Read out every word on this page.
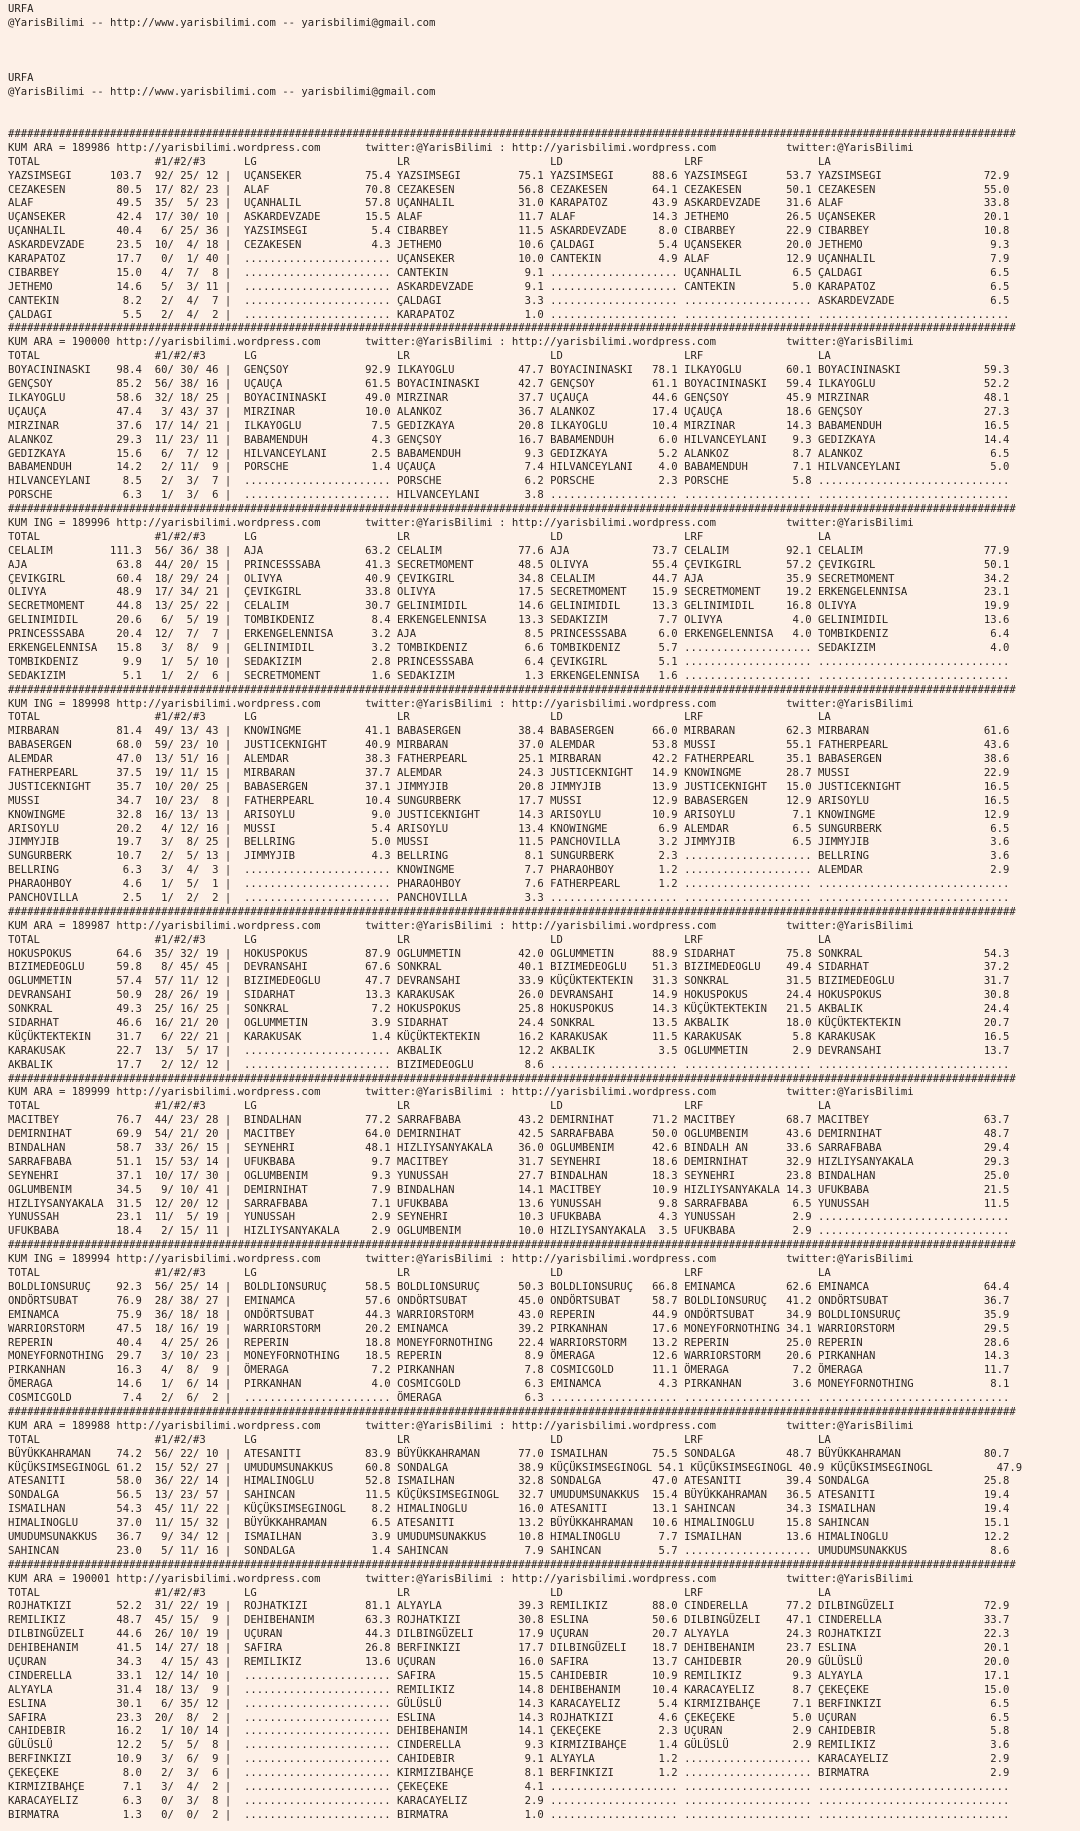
URFA
@YarisBilimi -- http://www.yarisbilimi.com -- yarisbilimi@gmail.com
URFA
@YarisBilimi -- http://www.yarisbilimi.com -- yarisbilimi@gmail.com
##############################################################################################################################################################
KUM ARA = 189986 http://yarisbilimi.wordpress.com       twitter:@YarisBilimi : http://yarisbilimi.wordpress.com           twitter:@YarisBilimi
TOTAL                  #1/#2/#3      LG                      LR                      LD                   LRF                  LA
YAZSIMSEGI      103.7  92/ 25/ 12 |  UÇANSEKER          75.4 YAZSIMSEGI         75.1 YAZSIMSEGI      88.6 YAZSIMSEGI      53.7 YAZSIMSEGI                72.9
CEZAKESEN        80.5  17/ 82/ 23 |  ALAF               70.8 CEZAKESEN          56.8 CEZAKESEN       64.1 CEZAKESEN       50.1 CEZAKESEN                 55.0
ALAF             49.5  35/  5/ 23 |  UÇANHALIL          57.8 UÇANHALIL          31.0 KARAPATOZ       43.9 ASKARDEVZADE    31.6 ALAF                      33.8
UÇANSEKER        42.4  17/ 30/ 10 |  ASKARDEVZADE       15.5 ALAF               11.7 ALAF            14.3 JETHEMO         26.5 UÇANSEKER                 20.1
UÇANHALIL        40.4   6/ 25/ 36 |  YAZSIMSEGI          5.4 CIBARBEY           11.5 ASKARDEVZADE     8.0 CIBARBEY        22.9 CIBARBEY                  10.8
ASKARDEVZADE     23.5  10/  4/ 18 |  CEZAKESEN           4.3 JETHEMO            10.6 ÇALDAGI          5.4 UÇANSEKER       20.0 JETHEMO                    9.3
KARAPATOZ        17.7   0/  1/ 40 |  ....................... UÇANSEKER          10.0 CANTEKIN         4.9 ALAF            12.9 UÇANHALIL                  7.9
CIBARBEY         15.0   4/  7/  8 |  ....................... CANTEKIN            9.1 .................... UÇANHALIL        6.5 ÇALDAGI                    6.5
JETHEMO          14.6   5/  3/ 11 |  ....................... ASKARDEVZADE        9.1 .................... CANTEKIN         5.0 KARAPATOZ                  6.5
CANTEKIN          8.2   2/  4/  7 |  ....................... ÇALDAGI             3.3 .................... .................... ASKARDEVZADE               6.5
ÇALDAGI           5.5   2/  4/  2 |  ....................... KARAPATOZ           1.0 .................... .................... ..............................
##############################################################################################################################################################
KUM ARA = 190000 http://yarisbilimi.wordpress.com       twitter:@YarisBilimi : http://yarisbilimi.wordpress.com           twitter:@YarisBilimi
TOTAL                  #1/#2/#3      LG                      LR                      LD                   LRF                  LA
BOYACININASKI    98.4  60/ 30/ 46 |  GENÇSOY            92.9 ILKAYOGLU          47.7 BOYACININASKI   78.1 ILKAYOGLU       60.1 BOYACININASKI             59.3
GENÇSOY          85.2  56/ 38/ 16 |  UÇAUÇA             61.5 BOYACININASKI      42.7 GENÇSOY         61.1 BOYACININASKI   59.4 ILKAYOGLU                 52.2
ILKAYOGLU        58.6  32/ 18/ 25 |  BOYACININASKI      49.0 MIRZINAR           37.7 UÇAUÇA          44.6 GENÇSOY         45.9 MIRZINAR                  48.1
UÇAUÇA           47.4   3/ 43/ 37 |  MIRZINAR           10.0 ALANKOZ            36.7 ALANKOZ         17.4 UÇAUÇA          18.6 GENÇSOY                   27.3
MIRZINAR         37.6  17/ 14/ 21 |  ILKAYOGLU           7.5 GEDIZKAYA          20.8 ILKAYOGLU       10.4 MIRZINAR        14.3 BABAMENDUH                16.5
ALANKOZ          29.3  11/ 23/ 11 |  BABAMENDUH          4.3 GENÇSOY            16.7 BABAMENDUH       6.0 HILVANCEYLANI    9.3 GEDIZKAYA                 14.4
GEDIZKAYA        15.6   6/  7/ 12 |  HILVANCEYLANI       2.5 BABAMENDUH          9.3 GEDIZKAYA        5.2 ALANKOZ          8.7 ALANKOZ                    6.5
BABAMENDUH       14.2   2/ 11/  9 |  PORSCHE             1.4 UÇAUÇA              7.4 HILVANCEYLANI    4.0 BABAMENDUH       7.1 HILVANCEYLANI              5.0
HILVANCEYLANI     8.5   2/  3/  7 |  ....................... PORSCHE             6.2 PORSCHE          2.3 PORSCHE          5.8 ..............................
PORSCHE           6.3   1/  3/  6 |  ....................... HILVANCEYLANI       3.8 .................... .................... ..............................
##############################################################################################################################################################
KUM ING = 189996 http://yarisbilimi.wordpress.com       twitter:@YarisBilimi : http://yarisbilimi.wordpress.com           twitter:@YarisBilimi
TOTAL                  #1/#2/#3      LG                      LR                      LD                   LRF                  LA
CELALIM         111.3  56/ 36/ 38 |  AJA                63.2 CELALIM            77.6 AJA             73.7 CELALIM         92.1 CELALIM                   77.9
AJA              63.8  44/ 20/ 15 |  PRINCESSSABA       41.3 SECRETMOMENT       48.5 OLIVYA          55.4 ÇEVIKGIRL       57.2 ÇEVIKGIRL                 50.1
ÇEVIKGIRL        60.4  18/ 29/ 24 |  OLIVYA             40.9 ÇEVIKGIRL          34.8 CELALIM         44.7 AJA             35.9 SECRETMOMENT              34.2
OLIVYA           48.9  17/ 34/ 21 |  ÇEVIKGIRL          33.8 OLIVYA             17.5 SECRETMOMENT    15.9 SECRETMOMENT    19.2 ERKENGELENNISA            23.1
SECRETMOMENT     44.8  13/ 25/ 22 |  CELALIM            30.7 GELINIMIDIL        14.6 GELINIMIDIL     13.3 GELINIMIDIL     16.8 OLIVYA                    19.9
GELINIMIDIL      20.6   6/  5/ 19 |  TOMBIKDENIZ         8.4 ERKENGELENNISA     13.3 SEDAKIZIM        7.7 OLIVYA           4.0 GELINIMIDIL               13.6
PRINCESSSABA     20.4  12/  7/  7 |  ERKENGELENNISA      3.2 AJA                 8.5 PRINCESSSABA     6.0 ERKENGELENNISA   4.0 TOMBIKDENIZ                6.4
ERKENGELENNISA   15.8   3/  8/  9 |  GELINIMIDIL         3.2 TOMBIKDENIZ         6.6 TOMBIKDENIZ      5.7 .................... SEDAKIZIM                  4.0
TOMBIKDENIZ       9.9   1/  5/ 10 |  SEDAKIZIM           2.8 PRINCESSSABA        6.4 ÇEVIKGIRL        5.1 .................... ..............................
SEDAKIZIM         5.1   1/  2/  6 |  SECRETMOMENT        1.6 SEDAKIZIM           1.3 ERKENGELENNISA   1.6 .................... ..............................
##############################################################################################################################################################
KUM ING = 189998 http://yarisbilimi.wordpress.com       twitter:@YarisBilimi : http://yarisbilimi.wordpress.com           twitter:@YarisBilimi
TOTAL                  #1/#2/#3      LG                      LR                      LD                   LRF                  LA
MIRBARAN         81.4  49/ 13/ 43 |  KNOWINGME          41.1 BABASERGEN         38.4 BABASERGEN      66.0 MIRBARAN        62.3 MIRBARAN                  61.6
BABASERGEN       68.0  59/ 23/ 10 |  JUSTICEKNIGHT      40.9 MIRBARAN           37.0 ALEMDAR         53.8 MUSSI           55.1 FATHERPEARL               43.6
ALEMDAR          47.0  13/ 51/ 16 |  ALEMDAR            38.3 FATHERPEARL        25.1 MIRBARAN        42.2 FATHERPEARL     35.1 BABASERGEN                38.6
FATHERPEARL      37.5  19/ 11/ 15 |  MIRBARAN           37.7 ALEMDAR            24.3 JUSTICEKNIGHT   14.9 KNOWINGME       28.7 MUSSI                     22.9
JUSTICEKNIGHT    35.7  10/ 20/ 25 |  BABASERGEN         37.1 JIMMYJIB           20.8 JIMMYJIB        13.9 JUSTICEKNIGHT   15.0 JUSTICEKNIGHT             16.5
MUSSI            34.7  10/ 23/  8 |  FATHERPEARL        10.4 SUNGURBERK         17.7 MUSSI           12.9 BABASERGEN      12.9 ARISOYLU                  16.5
KNOWINGME        32.8  16/ 13/ 13 |  ARISOYLU            9.0 JUSTICEKNIGHT      14.3 ARISOYLU        10.9 ARISOYLU         7.1 KNOWINGME                 12.9
ARISOYLU         20.2   4/ 12/ 16 |  MUSSI               5.4 ARISOYLU           13.4 KNOWINGME        6.9 ALEMDAR          6.5 SUNGURBERK                 6.5
JIMMYJIB         19.7   3/  8/ 25 |  BELLRING            5.0 MUSSI              11.5 PANCHOVILLA      3.2 JIMMYJIB         6.5 JIMMYJIB                   3.6
SUNGURBERK       10.7   2/  5/ 13 |  JIMMYJIB            4.3 BELLRING            8.1 SUNGURBERK       2.3 .................... BELLRING                   3.6
BELLRING          6.3   3/  4/  3 |  ....................... KNOWINGME           7.7 PHARAOHBOY       1.2 .................... ALEMDAR                    2.9
PHARAOHBOY        4.6   1/  5/  1 |  ....................... PHARAOHBOY          7.6 FATHERPEARL      1.2 .................... ..............................
PANCHOVILLA       2.5   1/  2/  2 |  ....................... PANCHOVILLA         3.3 .................... .................... ..............................
##############################################################################################################################################################
KUM ARA = 189987 http://yarisbilimi.wordpress.com       twitter:@YarisBilimi : http://yarisbilimi.wordpress.com           twitter:@YarisBilimi
TOTAL                  #1/#2/#3      LG                      LR                      LD                   LRF                  LA
HOKUSPOKUS       64.6  35/ 32/ 19 |  HOKUSPOKUS         87.9 OGLUMMETIN         42.0 OGLUMMETIN      88.9 SIDARHAT        75.8 SONKRAL                   54.3
BIZIMEDEOGLU     59.8   8/ 45/ 45 |  DEVRANSAHI         67.6 SONKRAL            40.1 BIZIMEDEOGLU    51.3 BIZIMEDEOGLU    49.4 SIDARHAT                  37.2
OGLUMMETIN       57.4  57/ 11/ 12 |  BIZIMEDEOGLU       47.7 DEVRANSAHI         33.9 KÜÇÜKTEKTEKIN   31.3 SONKRAL         31.5 BIZIMEDEOGLU              31.7
DEVRANSAHI       50.9  28/ 26/ 19 |  SIDARHAT           13.3 KARAKUSAK          26.0 DEVRANSAHI      14.9 HOKUSPOKUS      24.4 HOKUSPOKUS                30.8
SONKRAL          49.3  25/ 16/ 25 |  SONKRAL             7.2 HOKUSPOKUS         25.8 HOKUSPOKUS      14.3 KÜÇÜKTEKTEKIN   21.5 AKBALIK                   24.4
SIDARHAT         46.6  16/ 21/ 20 |  OGLUMMETIN          3.9 SIDARHAT           24.4 SONKRAL         13.5 AKBALIK         18.0 KÜÇÜKTEKTEKIN             20.7
KÜÇÜKTEKTEKIN    31.7   6/ 22/ 21 |  KARAKUSAK           1.4 KÜÇÜKTEKTEKIN      16.2 KARAKUSAK       11.5 KARAKUSAK        5.8 KARAKUSAK                 16.5
KARAKUSAK        22.7  13/  5/ 17 |  ....................... AKBALIK            12.2 AKBALIK          3.5 OGLUMMETIN       2.9 DEVRANSAHI                13.7
AKBALIK          17.7   2/ 12/ 12 |  ....................... BIZIMEDEOGLU        8.6 .................... .................... ..............................
##############################################################################################################################################################
KUM ARA = 189999 http://yarisbilimi.wordpress.com       twitter:@YarisBilimi : http://yarisbilimi.wordpress.com           twitter:@YarisBilimi
TOTAL                  #1/#2/#3      LG                      LR                      LD                   LRF                  LA
MACITBEY         76.7  44/ 23/ 28 |  BINDALHAN          77.2 SARRAFBABA         43.2 DEMIRNIHAT      71.2 MACITBEY        68.7 MACITBEY                  63.7
DEMIRNIHAT       69.9  54/ 21/ 20 |  MACITBEY           64.0 DEMIRNIHAT         42.5 SARRAFBABA      50.0 OGLUMBENIM      43.6 DEMIRNIHAT                48.7
BINDALHAN        58.7  33/ 26/ 15 |  SEYNEHRI           48.1 HIZLIYSANYAKALA    36.0 OGLUMBENIM      42.6 BINDALH AN      33.6 SARRAFBABA                29.4
SARRAFBABA       51.1  15/ 53/ 14 |  UFUKBABA            9.7 MACITBEY           31.7 SEYNEHRI        18.6 DEMIRNIHAT      32.9 HIZLIYSANYAKALA           29.3
SEYNEHRI         37.1  10/ 17/ 30 |  OGLUMBENIM          9.3 YUNUSSAH           27.7 BINDALHAN       18.3 SEYNEHRI        23.8 BINDALHAN                 25.0
OGLUMBENIM       34.5   9/ 10/ 41 |  DEMIRNIHAT          7.9 BINDALHAN          14.1 MACITBEY        10.9 HIZLIYSANYAKALA 14.3 UFUKBABA                  21.5
HIZLIYSANYAKALA  31.5  12/ 20/ 12 |  SARRAFBABA          7.1 UFUKBABA           13.6 YUNUSSAH         9.8 SARRAFBABA       6.5 YUNUSSAH                  11.5
YUNUSSAH         23.1  11/  5/ 19 |  YUNUSSAH            2.9 SEYNEHRI           10.3 UFUKBABA         4.3 YUNUSSAH         2.9 ..............................
UFUKBABA         18.4   2/ 15/ 11 |  HIZLIYSANYAKALA     2.9 OGLUMBENIM         10.0 HIZLIYSANYAKALA  3.5 UFUKBABA         2.9 ..............................
##############################################################################################################################################################
KUM ING = 189994 http://yarisbilimi.wordpress.com       twitter:@YarisBilimi : http://yarisbilimi.wordpress.com           twitter:@YarisBilimi
TOTAL                  #1/#2/#3      LG                      LR                      LD                   LRF                  LA
BOLDLIONSURUÇ    92.3  56/ 25/ 14 |  BOLDLIONSURUÇ      58.5 BOLDLIONSURUÇ      50.3 BOLDLIONSURUÇ   66.8 EMINAMCA        62.6 EMINAMCA                  64.4
ONDÖRTSUBAT      76.9  28/ 38/ 27 |  EMINAMCA           57.6 ONDÖRTSUBAT        45.0 ONDÖRTSUBAT     58.7 BOLDLIONSURUÇ   41.2 ONDÖRTSUBAT               36.7
EMINAMCA         75.9  36/ 18/ 18 |  ONDÖRTSUBAT        44.3 WARRIORSTORM       43.0 REPERIN         44.9 ONDÖRTSUBAT     34.9 BOLDLIONSURUÇ             35.9
WARRIORSTORM     47.5  18/ 16/ 19 |  WARRIORSTORM       20.2 EMINAMCA           39.2 PIRKANHAN       17.6 MONEYFORNOTHING 34.1 WARRIORSTORM              29.5
REPERIN          40.4   4/ 25/ 26 |  REPERIN            18.8 MONEYFORNOTHING    22.4 WARRIORSTORM    13.2 REPERIN         25.0 REPERIN                   28.6
MONEYFORNOTHING  29.7   3/ 10/ 23 |  MONEYFORNOTHING    18.5 REPERIN             8.9 ÖMERAGA         12.6 WARRIORSTORM    20.6 PIRKANHAN                 14.3
PIRKANHAN        16.3   4/  8/  9 |  ÖMERAGA             7.2 PIRKANHAN           7.8 COSMICGOLD      11.1 ÖMERAGA          7.2 ÖMERAGA                   11.7
ÖMERAGA          14.6   1/  6/ 14 |  PIRKANHAN           4.0 COSMICGOLD          6.3 EMINAMCA         4.3 PIRKANHAN        3.6 MONEYFORNOTHING            8.1
COSMICGOLD        7.4   2/  6/  2 |  ....................... ÖMERAGA             6.3 .................... .................... ..............................
##############################################################################################################################################################
KUM ARA = 189988 http://yarisbilimi.wordpress.com       twitter:@YarisBilimi : http://yarisbilimi.wordpress.com           twitter:@YarisBilimi
TOTAL                  #1/#2/#3      LG                      LR                      LD                   LRF                  LA
BÜYÜKKAHRAMAN    74.2  56/ 22/ 10 |  ATESANITI          83.9 BÜYÜKKAHRAMAN      77.0 ISMAILHAN       75.5 SONDALGA        48.7 BÜYÜKKAHRAMAN             80.7
KÜÇÜKSIMSEGINOGL 61.2  15/ 52/ 27 |  UMUDUMSUNAKKUS     60.8 SONDALGA           38.9 KÜÇÜKSIMSEGINOGL 54.1 KÜÇÜKSIMSEGINOGL 40.9 KÜÇÜKSIMSEGINOGL          47.9
ATESANITI        58.0  36/ 22/ 14 |  HIMALINOGLU        52.8 ISMAILHAN          32.8 SONDALGA        47.0 ATESANITI       39.4 SONDALGA                  25.8
SONDALGA         56.5  13/ 23/ 57 |  SAHINCAN           11.5 KÜÇÜKSIMSEGINOGL   32.7 UMUDUMSUNAKKUS  15.4 BÜYÜKKAHRAMAN   36.5 ATESANITI                 19.4
ISMAILHAN        54.3  45/ 11/ 22 |  KÜÇÜKSIMSEGINOGL    8.2 HIMALINOGLU        16.0 ATESANITI       13.1 SAHINCAN        34.3 ISMAILHAN                 19.4
HIMALINOGLU      37.0  11/ 15/ 32 |  BÜYÜKKAHRAMAN       6.5 ATESANITI          13.2 BÜYÜKKAHRAMAN   10.6 HIMALINOGLU     15.8 SAHINCAN                  15.1
UMUDUMSUNAKKUS   36.7   9/ 34/ 12 |  ISMAILHAN           3.9 UMUDUMSUNAKKUS     10.8 HIMALINOGLU      7.7 ISMAILHAN       13.6 HIMALINOGLU               12.2
SAHINCAN         23.0   5/ 11/ 16 |  SONDALGA            1.4 SAHINCAN            7.9 SAHINCAN         5.7 .................... UMUDUMSUNAKKUS             8.6
##############################################################################################################################################################
KUM ARA = 190001 http://yarisbilimi.wordpress.com       twitter:@YarisBilimi : http://yarisbilimi.wordpress.com           twitter:@YarisBilimi
TOTAL                  #1/#2/#3      LG                      LR                      LD                   LRF                  LA
ROJHATKIZI       52.2  31/ 22/ 19 |  ROJHATKIZI         81.1 ALYAYLA            39.3 REMILIKIZ       88.0 CINDERELLA      77.2 DILBINGÜZELI              72.9
REMILIKIZ        48.7  45/ 15/  9 |  DEHIBEHANIM        63.3 ROJHATKIZI         30.8 ESLINA          50.6 DILBINGÜZELI    47.1 CINDERELLA                33.7
DILBINGÜZELI     44.6  26/ 10/ 19 |  UÇURAN             44.3 DILBINGÜZELI       17.9 UÇURAN          20.7 ALYAYLA         24.3 ROJHATKIZI                22.3
DEHIBEHANIM      41.5  14/ 27/ 18 |  SAFIRA             26.8 BERFINKIZI         17.7 DILBINGÜZELI    18.7 DEHIBEHANIM     23.7 ESLINA                    20.1
UÇURAN           34.3   4/ 15/ 43 |  REMILIKIZ          13.6 UÇURAN             16.0 SAFIRA          13.7 CAHIDEBIR       20.9 GÜLÜSLÜ                   20.0
CINDERELLA       33.1  12/ 14/ 10 |  ....................... SAFIRA             15.5 CAHIDEBIR       10.9 REMILIKIZ        9.3 ALYAYLA                   17.1
ALYAYLA          31.4  18/ 13/  9 |  ....................... REMILIKIZ          14.8 DEHIBEHANIM     10.4 KARACAYELIZ      8.7 ÇEKEÇEKE                  15.0
ESLINA           30.1   6/ 35/ 12 |  ....................... GÜLÜSLÜ            14.3 KARACAYELIZ      5.4 KIRMIZIBAHÇE     7.1 BERFINKIZI                 6.5
SAFIRA           23.3  20/  8/  2 |  ....................... ESLINA             14.3 ROJHATKIZI       4.6 ÇEKEÇEKE         5.0 UÇURAN                     6.5
CAHIDEBIR        16.2   1/ 10/ 14 |  ....................... DEHIBEHANIM        14.1 ÇEKEÇEKE         2.3 UÇURAN           2.9 CAHIDEBIR                  5.8
GÜLÜSLÜ          12.2   5/  5/  8 |  ....................... CINDERELLA          9.3 KIRMIZIBAHÇE     1.4 GÜLÜSLÜ          2.9 REMILIKIZ                  3.6
BERFINKIZI       10.9   3/  6/  9 |  ....................... CAHIDEBIR           9.1 ALYAYLA          1.2 .................... KARACAYELIZ                2.9
ÇEKEÇEKE          8.0   2/  3/  6 |  ....................... KIRMIZIBAHÇE        8.1 BERFINKIZI       1.2 .................... BIRMATRA                   2.9
KIRMIZIBAHÇE      7.1   3/  4/  2 |  ....................... ÇEKEÇEKE            4.1 .................... .................... ..............................
KARACAYELIZ       6.3   0/  3/  8 |  ....................... KARACAYELIZ         2.9 .................... .................... ..............................
BIRMATRA          1.3   0/  0/  2 |  ....................... BIRMATRA            1.0 .................... .................... ..............................
